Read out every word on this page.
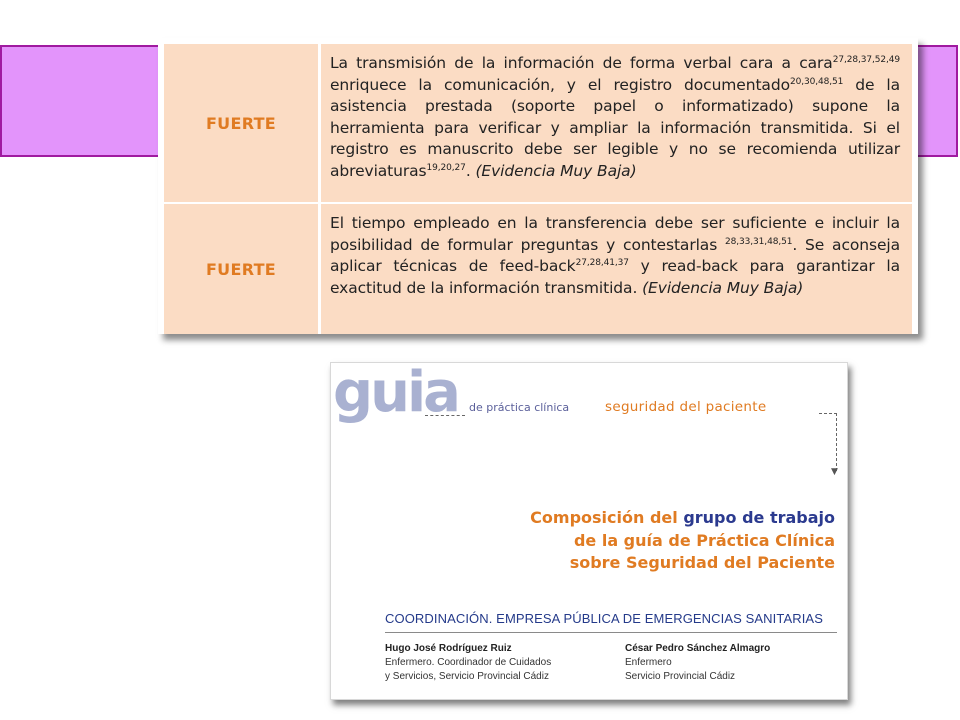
FUERTE
La transmisión de la información de forma verbal cara a cara$^{27,28,37,52,49}$ enriquece la comunicación, y el registro documentado$^{20,30,48,51}$ de la asistencia prestada (soporte papel o informatizado) supone la herramienta para verificar y ampliar la información transmitida. Si el registro es manuscrito debe ser legible y no se recomienda utilizar abreviaturas$^{19,20,27}$. (Evidencia Muy Baja)
FUERTE
El tiempo empleado en la transferencia debe ser suficiente e incluir la posibilidad de formular preguntas y contestarlas $^{28,33,31,48,51}$. Se aconseja aplicar técnicas de feed-back$^{27,28,41,37}$ y read-back para garantizar la exactitud de la información transmitida. (Evidencia Muy Baja)
guia de práctica clínica	seguridad del paciente
▼
Composición del grupo de trabajo
de la guía de Práctica Clínica
sobre Seguridad del Paciente
COORDINACIÓN. EMPRESA PÚBLICA DE EMERGENCIAS SANITARIAS
Hugo José Rodríguez Ruiz
Enfermero. Coordinador de Cuidados
y Servicios, Servicio Provincial Cádiz
César Pedro Sánchez Almagro
Enfermero
Servicio Provincial Cádiz
